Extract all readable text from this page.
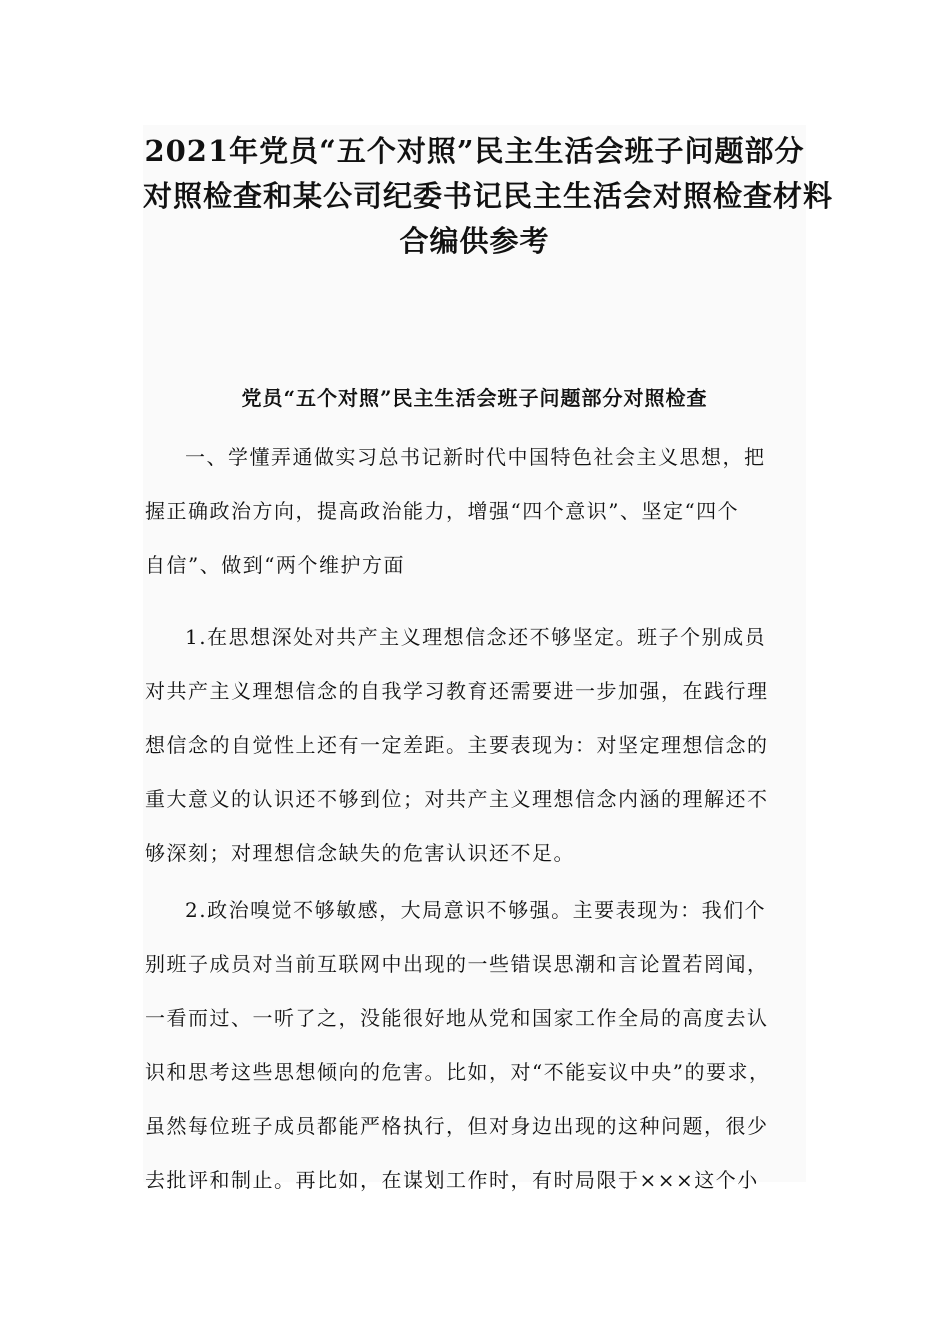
2021年党员“五个对照”民主生活会班子问题部分
对照检查和某公司纪委书记民主生活会对照检查材料
合编供参考
党员“五个对照”民主生活会班子问题部分对照检查

一、学懂弄通做实习总书记新时代中国特色社会主义思想，把
握正确政治方向，提高政治能力，增强“四个意识”、坚定“四个
自信”、做到“两个维护方面

1.在思想深处对共产主义理想信念还不够坚定。班子个别成员
对共产主义理想信念的自我学习教育还需要进一步加强，在践行理
想信念的自觉性上还有一定差距。主要表现为：对坚定理想信念的
重大意义的认识还不够到位；对共产主义理想信念内涵的理解还不
够深刻；对理想信念缺失的危害认识还不足。

2.政治嗅觉不够敏感，大局意识不够强。主要表现为：我们个
别班子成员对当前互联网中出现的一些错误思潮和言论置若罔闻，
一看而过、一听了之，没能很好地从党和国家工作全局的高度去认
识和思考这些思想倾向的危害。比如，对“不能妄议中央”的要求，
虽然每位班子成员都能严格执行，但对身边出现的这种问题，很少
去批评和制止。再比如，在谋划工作时，有时局限于×××这个小
